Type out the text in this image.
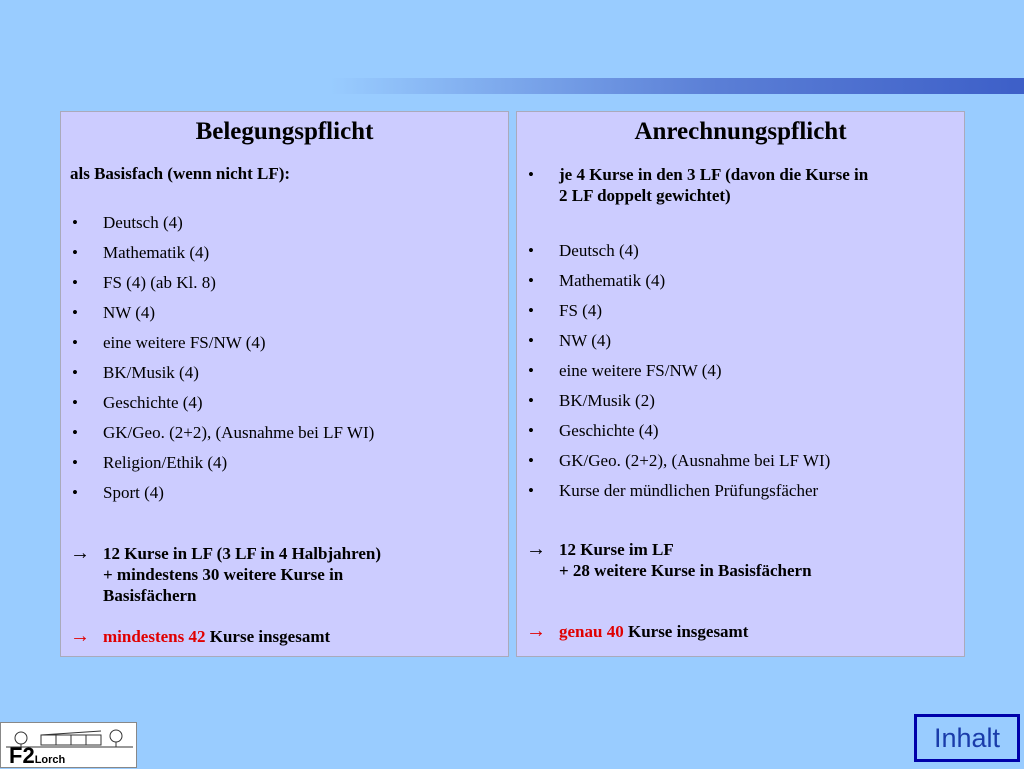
Belegungspflicht
als Basisfach (wenn nicht LF):
• Deutsch (4)
• Mathematik (4)
• FS (4) (ab Kl. 8)
• NW (4)
• eine weitere FS/NW (4)
• BK/Musik (4)
• Geschichte (4)
• GK/Geo. (2+2), (Ausnahme bei LF WI)
• Religion/Ethik (4)
• Sport (4)
→ 12 Kurse in LF (3 LF in 4 Halbjahren)
+ mindestens 30 weitere Kurse in
Basisfächern
→ mindestens 42 Kurse insgesamt
Anrechnungspflicht
• je 4 Kurse in den 3 LF (davon die Kurse in
2 LF doppelt gewichtet)
• Deutsch (4)
• Mathematik (4)
• FS (4)
• NW (4)
• eine weitere FS/NW (4)
• BK/Musik (2)
• Geschichte (4)
• GK/Geo. (2+2), (Ausnahme bei LF WI)
• Kurse der mündlichen Prüfungsfächer
→ 12 Kurse im LF
+ 28 weitere Kurse in Basisfächern
→ genau 40 Kurse insgesamt
F2Lorch
Inhalt
